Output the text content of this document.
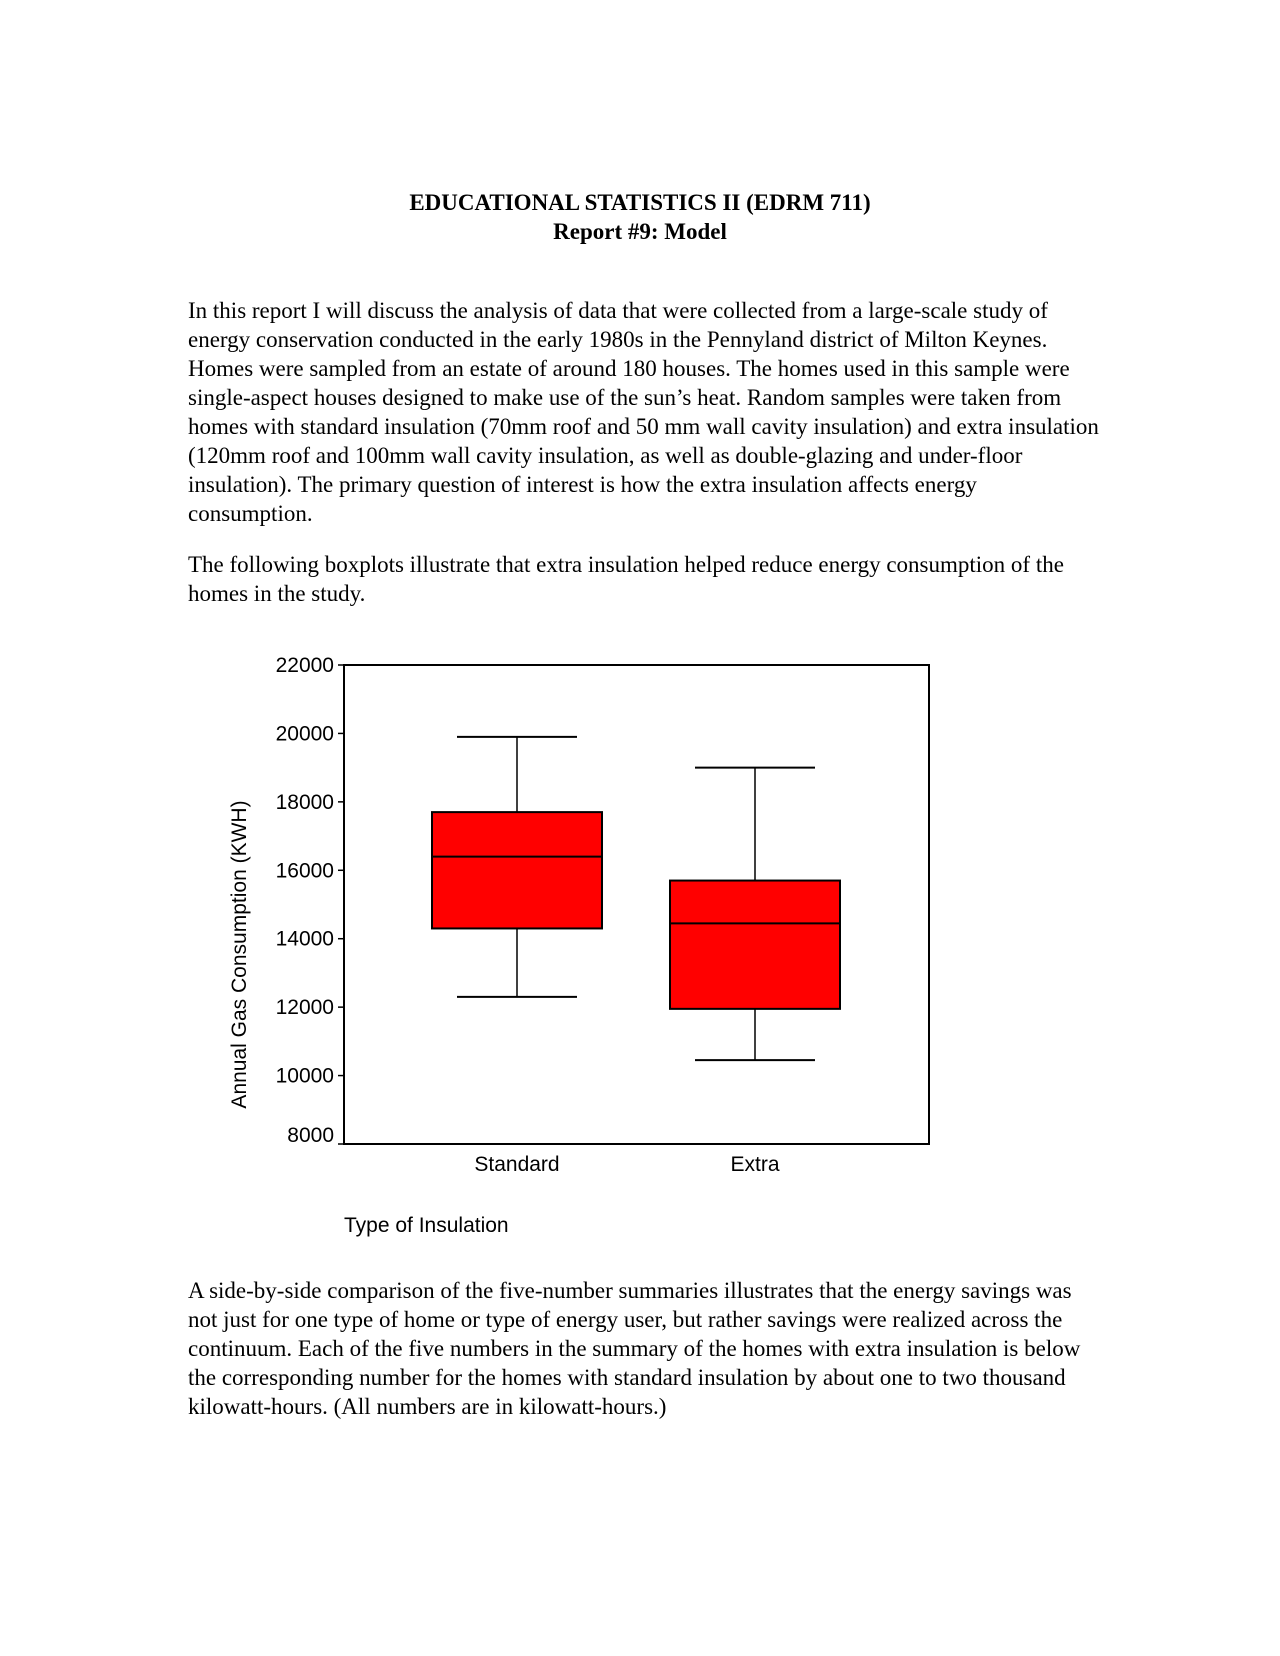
EDUCATIONAL STATISTICS II (EDRM 711)
Report #9: Model

In this report I will discuss the analysis of data that were collected from a large-scale study of energy conservation conducted in the early 1980s in the Pennyland district of Milton Keynes. Homes were sampled from an estate of around 180 houses. The homes used in this sample were single-aspect houses designed to make use of the sun’s heat. Random samples were taken from homes with standard insulation (70mm roof and 50 mm wall cavity insulation) and extra insulation (120mm roof and 100mm wall cavity insulation, as well as double-glazing and under-floor insulation). The primary question of interest is how the extra insulation affects energy consumption.

The following boxplots illustrate that extra insulation helped reduce energy consumption of the homes in the study.

8000
10000
12000
14000
16000
18000
20000
22000
Standard	Extra
Annual Gas Consumption (KWH)
Type of Insulation

A side-by-side comparison of the five-number summaries illustrates that the energy savings was not just for one type of home or type of energy user, but rather savings were realized across the continuum. Each of the five numbers in the summary of the homes with extra insulation is below the corresponding number for the homes with standard insulation by about one to two thousand kilowatt-hours. (All numbers are in kilowatt-hours.)
